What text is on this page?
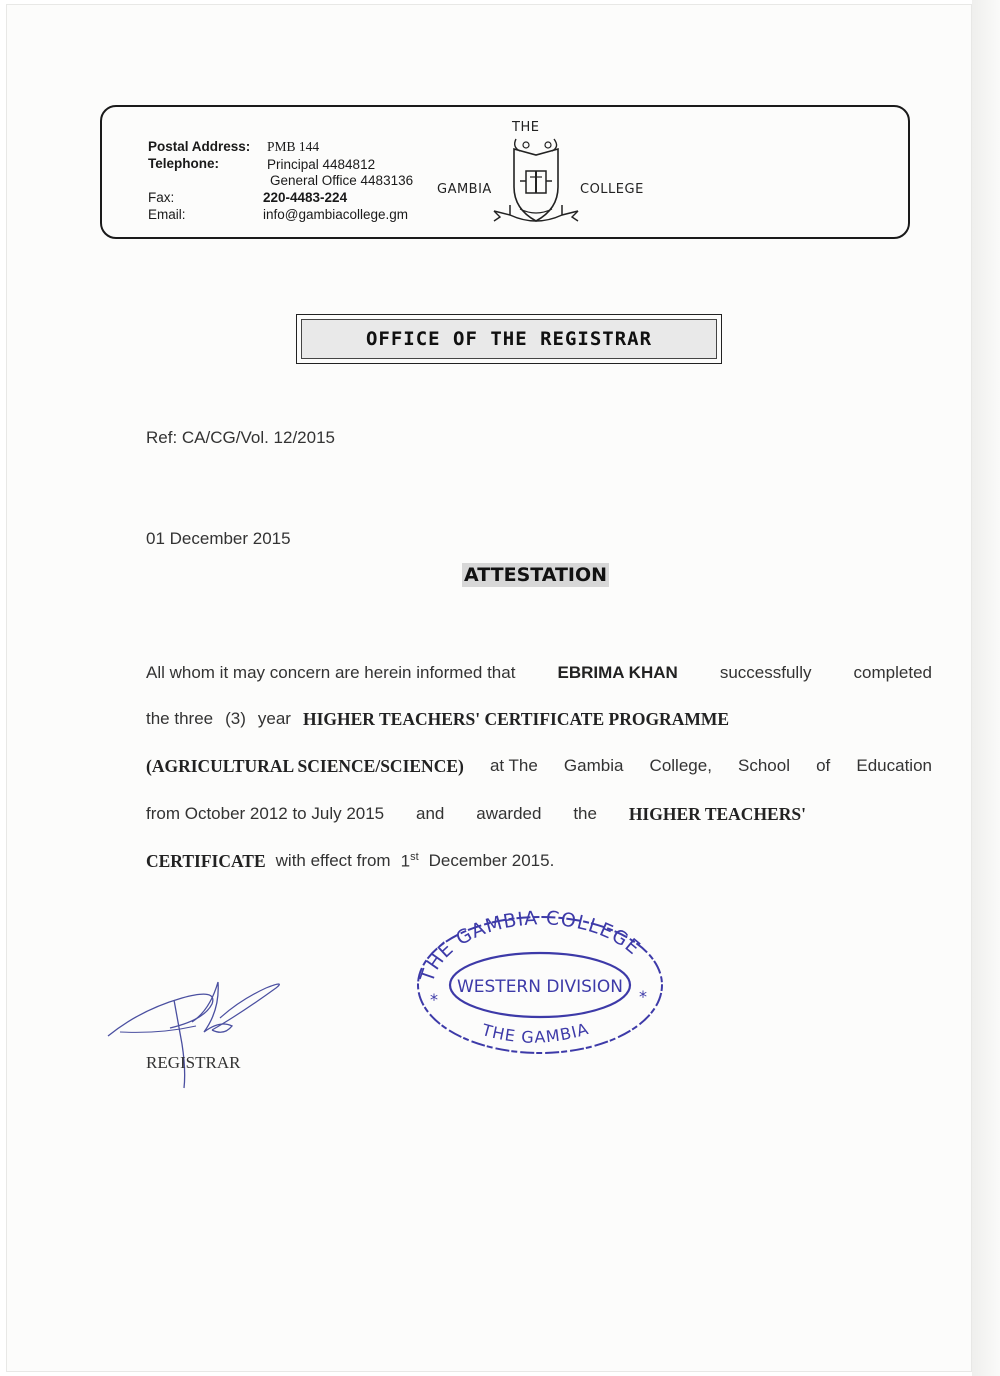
Postal Address: PMB 144
Telephone:	Principal 4484812
General Office 4483136
Fax:	220-4483-224
Email:	info@gambiacollege.gm
THE
GAMBIA	COLLEGE
OFFICE OF THE REGISTRAR
Ref: CA/CG/Vol. 12/2015
01 December 2015
ATTESTATION
All whom it may concern are herein informed that EBRIMA KHAN successfully completed
the three (3) year HIGHER TEACHERS' CERTIFICATE PROGRAMME
(AGRICULTURAL SCIENCE/SCIENCE) at The Gambia College, School of Education
from October 2012 to July 2015 and awarded the HIGHER TEACHERS'
CERTIFICATE with effect from 1st December 2015.
REGISTRAR
THE GAMBIA COLLEGE
WESTERN DIVISION
THE GAMBIA
*	*
